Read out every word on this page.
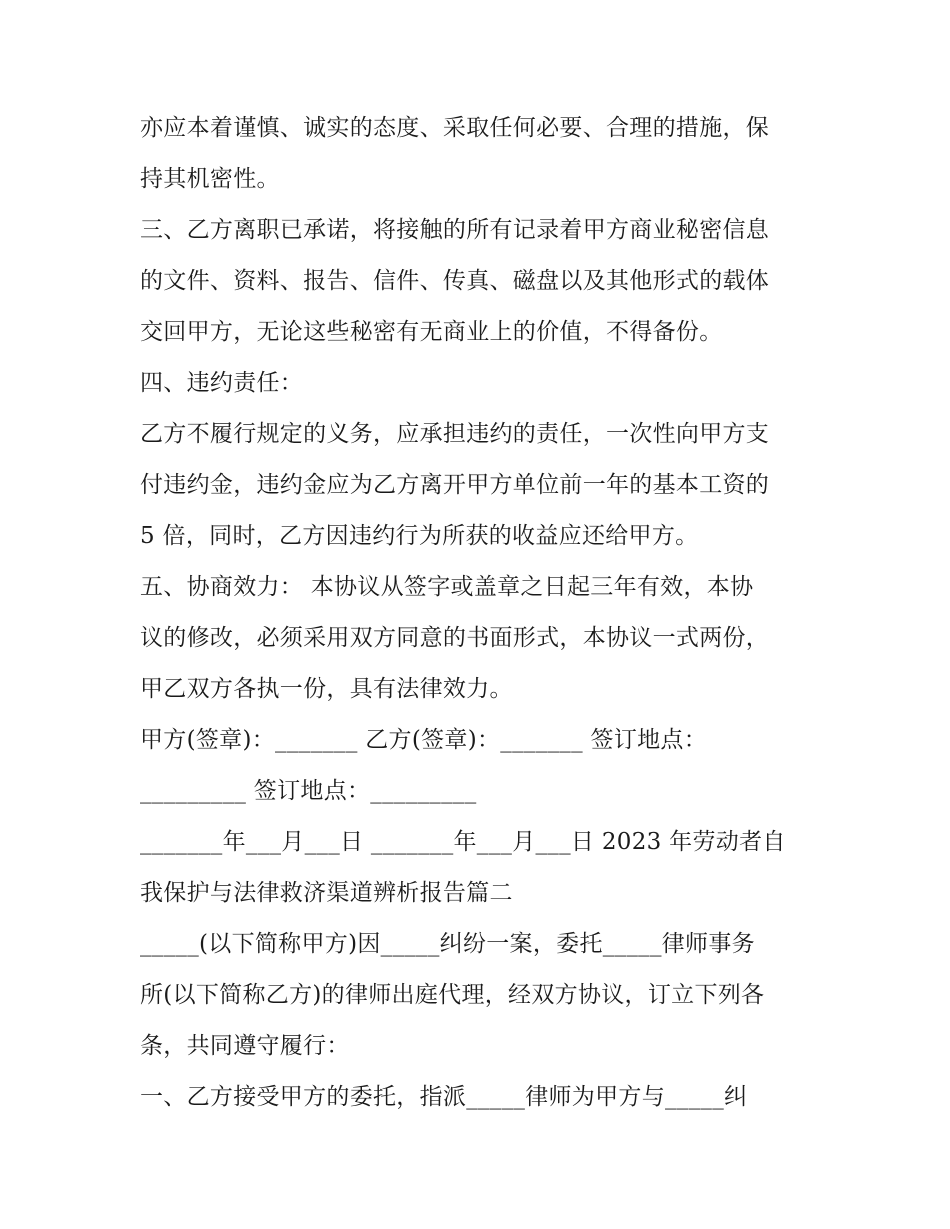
亦应本着谨慎、诚实的态度、采取任何必要、合理的措施，保
持其机密性。
三、乙方离职已承诺，将接触的所有记录着甲方商业秘密信息
的文件、资料、报告、信件、传真、磁盘以及其他形式的载体
交回甲方，无论这些秘密有无商业上的价值，不得备份。
四、违约责任：
乙方不履行规定的义务，应承担违约的责任，一次性向甲方支
付违约金，违约金应为乙方离开甲方单位前一年的基本工资的
5 倍，同时，乙方因违约行为所获的收益应还给甲方。
五、协商效力： 本协议从签字或盖章之日起三年有效，本协
议的修改，必须采用双方同意的书面形式，本协议一式两份，
甲乙双方各执一份，具有法律效力。
甲方(签章)：_______ 乙方(签章)：_______ 签订地点：
_________ 签订地点：_________
_______年___月___日 _______年___月___日 2023 年劳动者自
我保护与法律救济渠道辨析报告篇二
_____(以下简称甲方)因_____纠纷一案，委托_____律师事务
所(以下简称乙方)的律师出庭代理，经双方协议，订立下列各
条，共同遵守履行：
一、乙方接受甲方的委托，指派_____律师为甲方与_____纠
